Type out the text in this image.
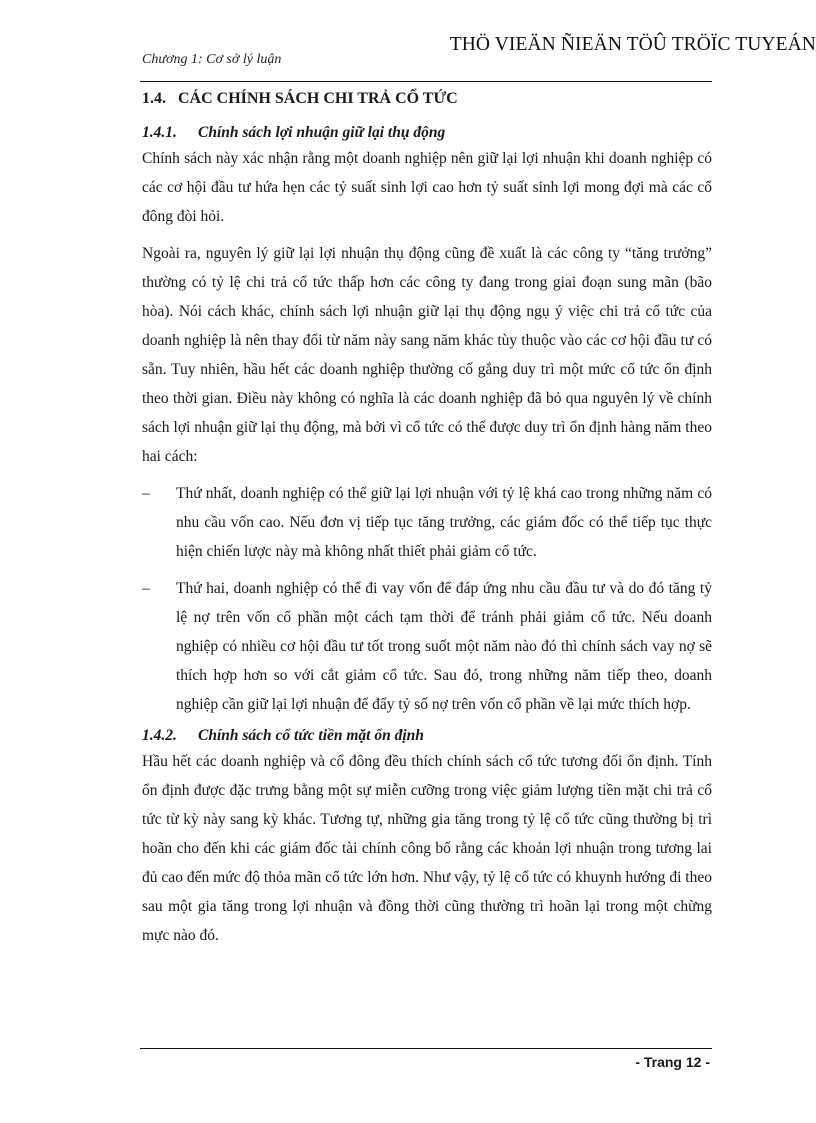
THÖ VIEÄN ÑIEÄN TÖÛ TRÖÏC TUYEÁN
Chương 1: Cơ sở lý luận
1.4. CÁC CHÍNH SÁCH CHI TRẢ CỔ TỨC
1.4.1. Chính sách lợi nhuận giữ lại thụ động

Chính sách này xác nhận rằng một doanh nghiệp nên giữ lại lợi nhuận khi doanh nghiệp có các cơ hội đầu tư hứa hẹn các tỷ suất sinh lợi cao hơn tỷ suất sinh lợi mong đợi mà các cổ đông đòi hỏi.

Ngoài ra, nguyên lý giữ lại lợi nhuận thụ động cũng đề xuất là các công ty “tăng trưởng” thường có tỷ lệ chi trả cổ tức thấp hơn các công ty đang trong giai đoạn sung mãn (bão hòa). Nói cách khác, chính sách lợi nhuận giữ lại thụ động ngụ ý việc chi trả cổ tức của doanh nghiệp là nên thay đổi từ năm này sang năm khác tùy thuộc vào các cơ hội đầu tư có sẵn. Tuy nhiên, hầu hết các doanh nghiệp thường cố gắng duy trì một mức cổ tức ổn định theo thời gian. Điều này không có nghĩa là các doanh nghiệp đã bỏ qua nguyên lý về chính sách lợi nhuận giữ lại thụ động, mà bởi vì cổ tức có thể được duy trì ổn định hàng năm theo hai cách:

– Thứ nhất, doanh nghiệp có thể giữ lại lợi nhuận với tỷ lệ khá cao trong những năm có nhu cầu vốn cao. Nếu đơn vị tiếp tục tăng trưởng, các giám đốc có thể tiếp tục thực hiện chiến lược này mà không nhất thiết phải giảm cổ tức.
– Thứ hai, doanh nghiệp có thể đi vay vốn để đáp ứng nhu cầu đầu tư và do đó tăng tỷ lệ nợ trên vốn cổ phần một cách tạm thời để tránh phải giảm cổ tức. Nếu doanh nghiệp có nhiều cơ hội đầu tư tốt trong suốt một năm nào đó thì chính sách vay nợ sẽ thích hợp hơn so với cắt giảm cổ tức. Sau đó, trong những năm tiếp theo, doanh nghiệp cần giữ lại lợi nhuận để đẩy tỷ số nợ trên vốn cổ phần về lại mức thích hợp.
1.4.2. Chính sách cổ tức tiền mặt ổn định

Hầu hết các doanh nghiệp và cổ đông đều thích chính sách cổ tức tương đối ổn định. Tính ổn định được đặc trưng bằng một sự miễn cưỡng trong việc giảm lượng tiền mặt chi trả cổ tức từ kỳ này sang kỳ khác. Tương tự, những gia tăng trong tỷ lệ cổ tức cũng thường bị trì hoãn cho đến khi các giám đốc tài chính công bố rằng các khoản lợi nhuận trong tương lai đủ cao đến mức độ thỏa mãn cổ tức lớn hơn. Như vậy, tỷ lệ cổ tức có khuynh hướng đi theo sau một gia tăng trong lợi nhuận và đồng thời cũng thường trì hoãn lại trong một chừng mực nào đó.

- Trang 12 -
